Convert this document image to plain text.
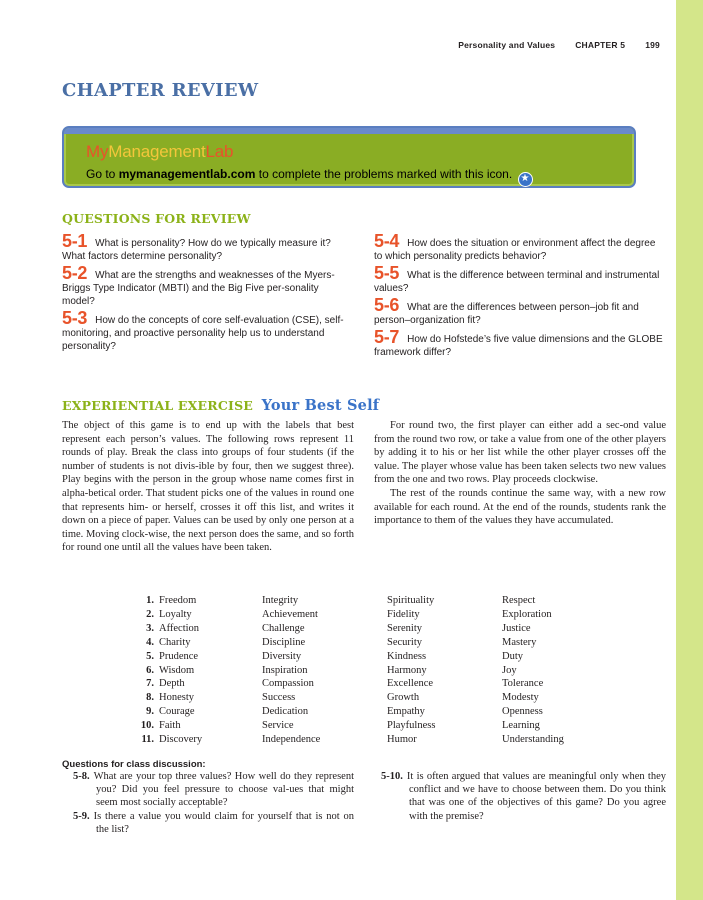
Personality and Values CHAPTER 5 199
CHAPTER REVIEW
MyManagementLab
Go to mymanagementlab.com to complete the problems marked with this icon. ★
QUESTIONS FOR REVIEW
5-1 What is personality? How do we typically measure it? What factors determine personality?
5-2 What are the strengths and weaknesses of the Myers-Briggs Type Indicator (MBTI) and the Big Five per-sonality model?
5-3 How do the concepts of core self-evaluation (CSE), self-monitoring, and proactive personality help us to understand personality?
5-4 How does the situation or environment affect the degree to which personality predicts behavior?
5-5 What is the difference between terminal and instrumental values?
5-6 What are the differences between person–job fit and person–organization fit?
5-7 How do Hofstede’s five value dimensions and the GLOBE framework differ?
EXPERIENTIAL EXERCISE Your Best Self

The object of this game is to end up with the labels that best represent each person’s values. The following rows represent 11 rounds of play. Break the class into groups of four students (if the number of students is not divis-ible by four, then we suggest three). Play begins with the person in the group whose name comes first in alpha-betical order. That student picks one of the values in round one that represents him- or herself, crosses it off this list, and writes it down on a piece of paper. Values can be used by only one person at a time. Moving clock-wise, the next person does the same, and so forth for round one until all the values have been taken.

For round two, the first player can either add a sec-ond value from the round two row, or take a value from one of the other players by adding it to his or her list while the other player crosses off the value. The player whose value has been taken selects two new values from the one and two rows. Play proceeds clockwise.

The rest of the rounds continue the same way, with a new row available for each round. At the end of the rounds, students rank the importance to them of the values they have accumulated.

1. Freedom	Integrity	Spirituality	Respect
2. Loyalty	Achievement	Fidelity	Exploration
3. Affection	Challenge	Serenity	Justice
4. Charity	Discipline	Security	Mastery
5. Prudence	Diversity	Kindness	Duty
6. Wisdom	Inspiration	Harmony	Joy
7. Depth	Compassion	Excellence	Tolerance
8. Honesty	Success	Growth	Modesty
9. Courage	Dedication	Empathy	Openness
10. Faith	Service	Playfulness	Learning
11. Discovery	Independence	Humor	Understanding
Questions for class discussion:
5-8. What are your top three values? How well do they represent you? Did you feel pressure to choose val-ues that might seem most socially acceptable?
5-9. Is there a value you would claim for yourself that is not on the list?
5-10. It is often argued that values are meaningful only when they conflict and we have to choose between them. Do you think that was one of the objectives of this game? Do you agree with the premise?
